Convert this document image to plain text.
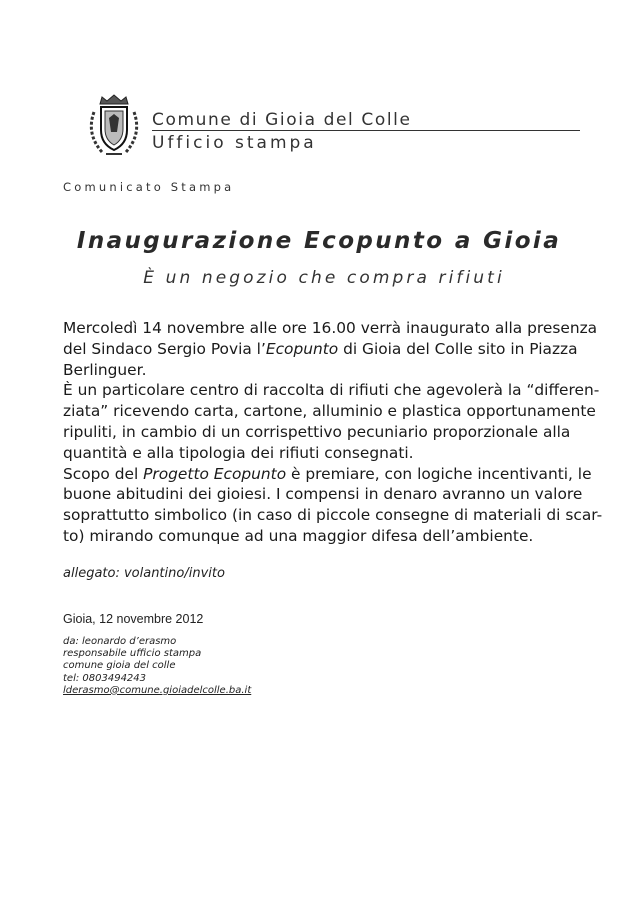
Comune di Gioia del Colle
Ufficio stampa
Comunicato Stampa
Inaugurazione Ecopunto a Gioia
È un negozio che compra rifiuti

Mercoledì 14 novembre alle ore 16.00 verrà inaugurato alla presenza

del Sindaco Sergio Povia l’Ecopunto di Gioia del Colle sito in Piazza

Berlinguer.

È un particolare centro di raccolta di rifiuti che agevolerà la “differen-

ziata” ricevendo carta, cartone, alluminio e plastica opportunamente

ripuliti, in cambio di un corrispettivo pecuniario proporzionale alla

quantità e alla tipologia dei rifiuti consegnati.

Scopo del Progetto Ecopunto è premiare, con logiche incentivanti, le

buone abitudini dei gioiesi. I compensi in denaro avranno un valore

soprattutto simbolico (in caso di piccole consegne di materiali di scar-

to) mirando comunque ad una maggior difesa dell’ambiente.

allegato: volantino/invito
Gioia, 12 novembre 2012
da: leonardo d’erasmo
responsabile ufficio stampa
comune gioia del colle
tel: 0803494243
lderasmo@comune.gioiadelcolle.ba.it
